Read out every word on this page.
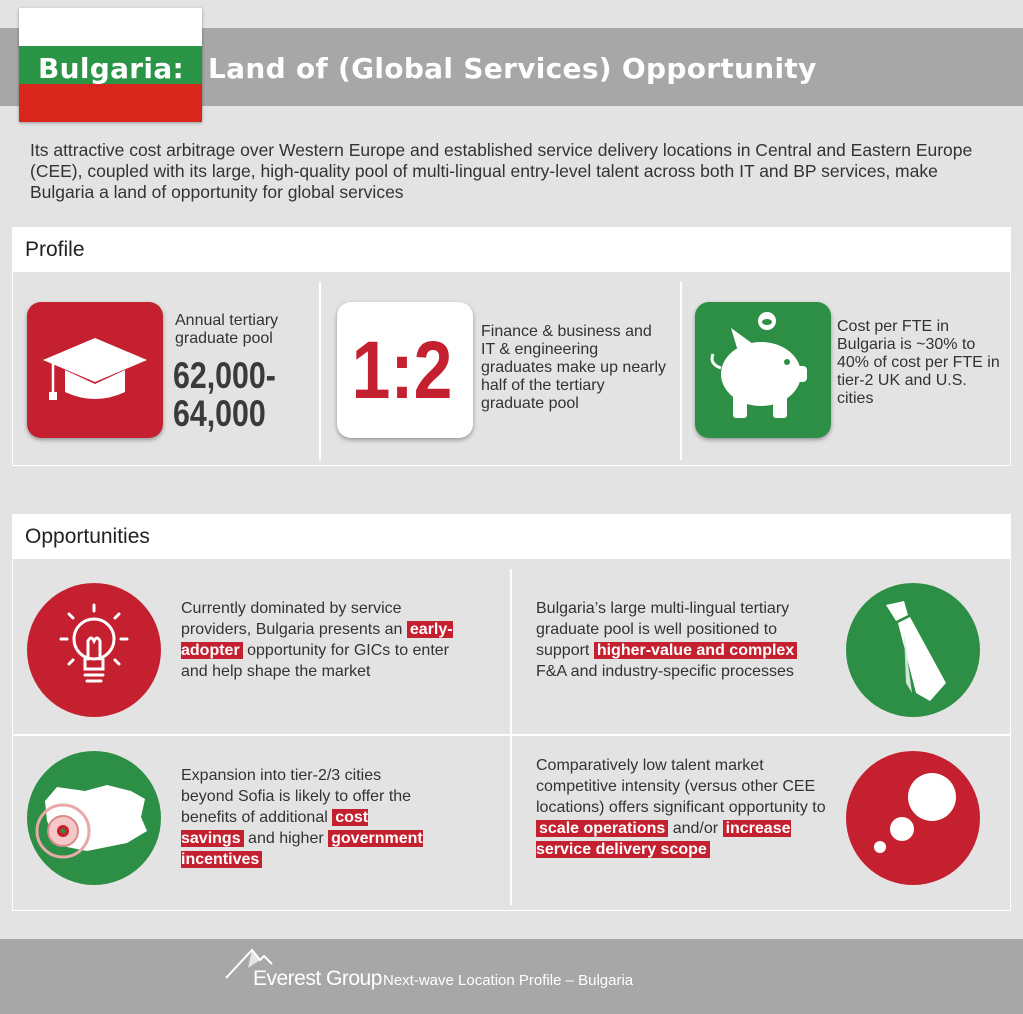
Bulgaria: Land of (Global Services) Opportunity

Its attractive cost arbitrage over Western Europe and established service delivery locations in Central and Eastern Europe (CEE), coupled with its large, high-quality pool of multi-lingual entry-level talent across both IT and BP services, make Bulgaria a land of opportunity for global services

Profile
Annual tertiary graduate pool
62,000-
64,000 1:2	Finance & business and IT & engineering graduates make up nearly half of the tertiary graduate pool
Cost per FTE in Bulgaria is ~30% to 40% of cost per FTE in tier-2 UK and U.S. cities
Opportunities
Currently dominated by service providers, Bulgaria presents an early-adopter opportunity for GICs to enter and help shape the market
Bulgaria’s large multi-lingual tertiary graduate pool is well positioned to support higher-value and complex F&A and industry-specific processes
Expansion into tier-2/3 cities beyond Sofia is likely to offer the benefits of additional cost savings and higher government incentives
Comparatively low talent market competitive intensity (versus other CEE locations) offers significant opportunity to scale operations and/or increase service delivery scope
Everest Group Next-wave Location Profile – Bulgaria
